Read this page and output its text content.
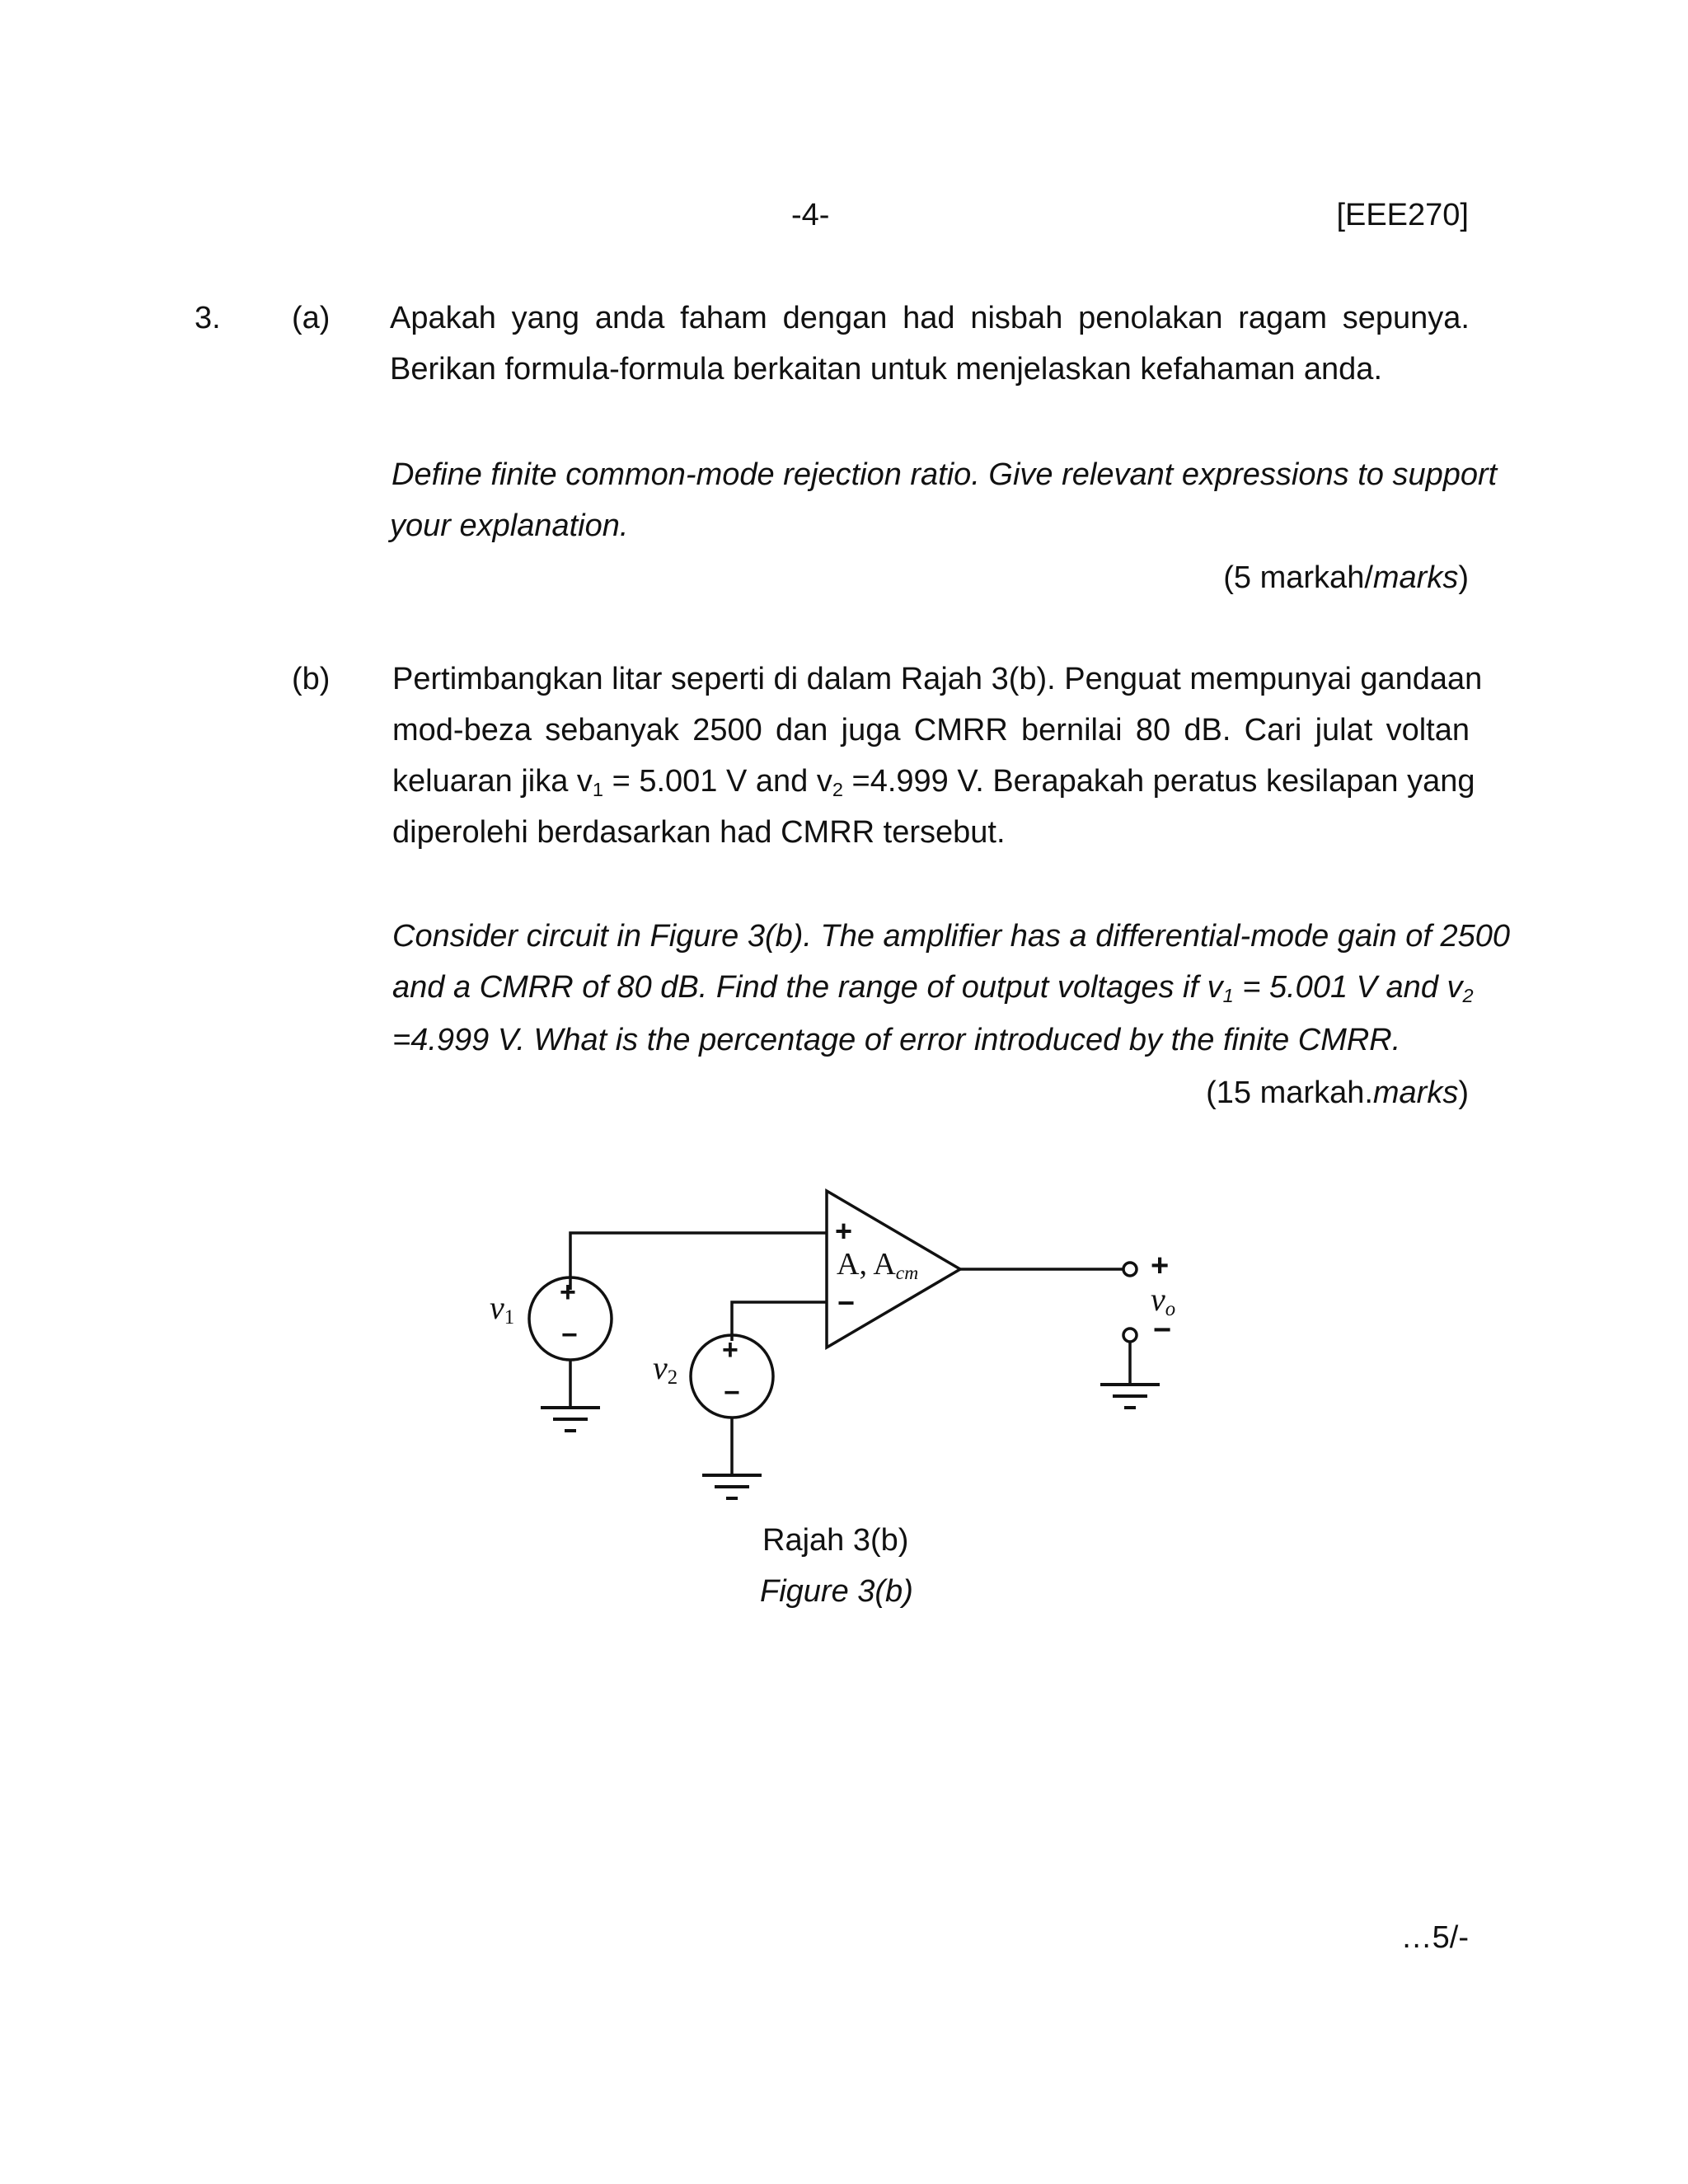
-4-	[EEE270]
3. (a) Apakah yang anda faham dengan had nisbah penolakan ragam sepunya.
Berikan formula-formula berkaitan untuk menjelaskan kefahaman anda.
Define finite common-mode rejection ratio. Give relevant expressions to support
your explanation.
(5 markah/marks)
(b) Pertimbangkan litar seperti di dalam Rajah 3(b). Penguat mempunyai gandaan
mod-beza sebanyak 2500 dan juga CMRR bernilai 80 dB. Cari julat voltan
keluaran jika $v_1 = 5.001$ V and $v_2 =4.999$ V. Berapakah peratus kesilapan yang
diperolehi berdasarkan had CMRR tersebut.
Consider circuit in Figure 3(b). The amplifier has a differential-mode gain of 2500
and a CMRR of 80 dB. Find the range of output voltages if $v_1 = 5.001$ V and $v_2$
=4.999 V. What is the percentage of error introduced by the finite CMRR.
(15 markah.marks)
+
−
A, $A_{cm}$
$v_1$
+
−
$v_2$
+
−
+
$v_o$
−
Rajah 3(b)
Figure 3(b)
…5/-
